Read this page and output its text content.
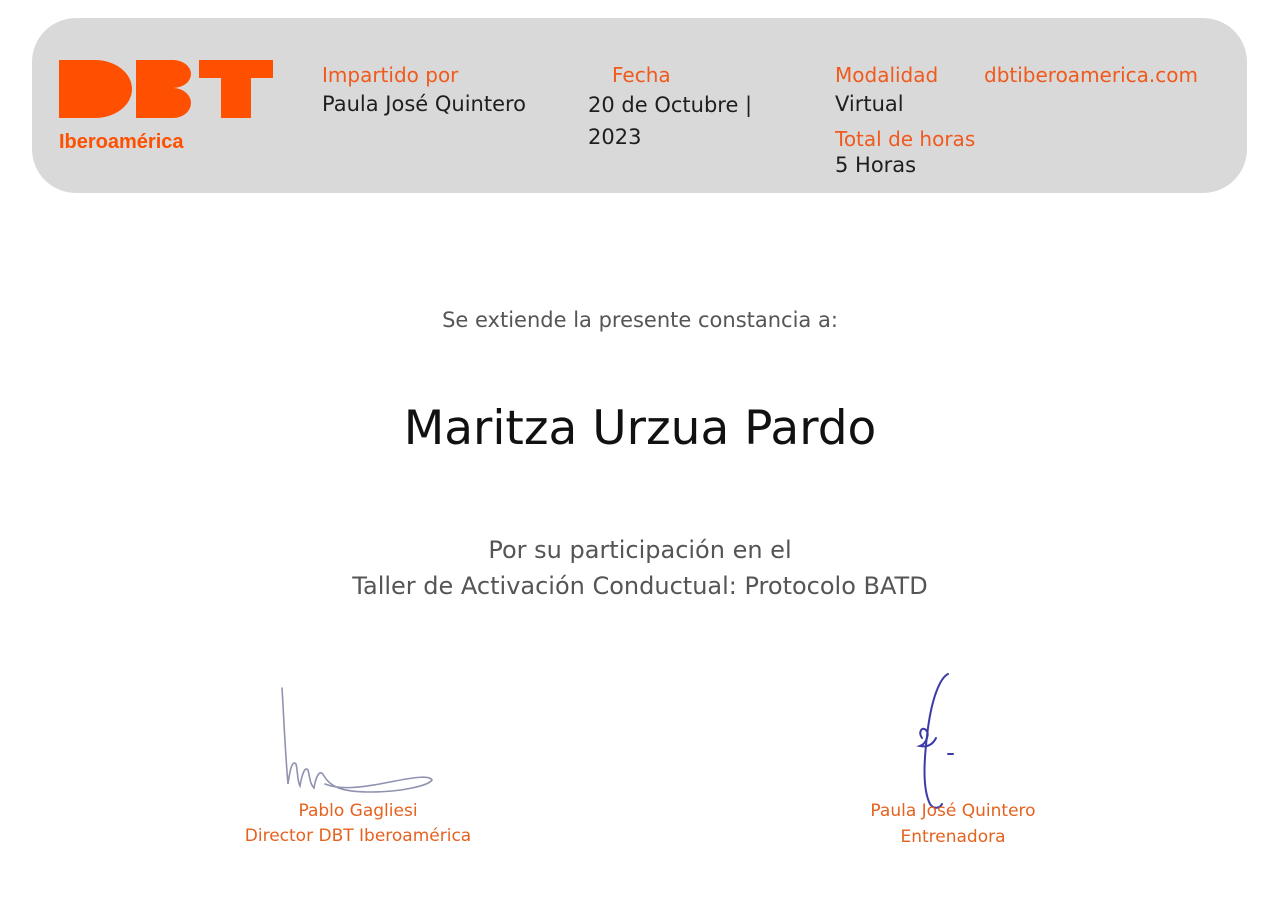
Iberoamérica
Impartido por
Paula José Quintero
Fecha
20 de Octubre | 2023
Modalidad
Virtual
Total de horas
5 Horas
dbtiberoamerica.com
Se extiende la presente constancia a:
Maritza Urzua Pardo
Por su participación en el
Taller de Activación Conductual: Protocolo BATD
Pablo Gagliesi
Director DBT Iberoamérica
Paula José Quintero
Entrenadora
